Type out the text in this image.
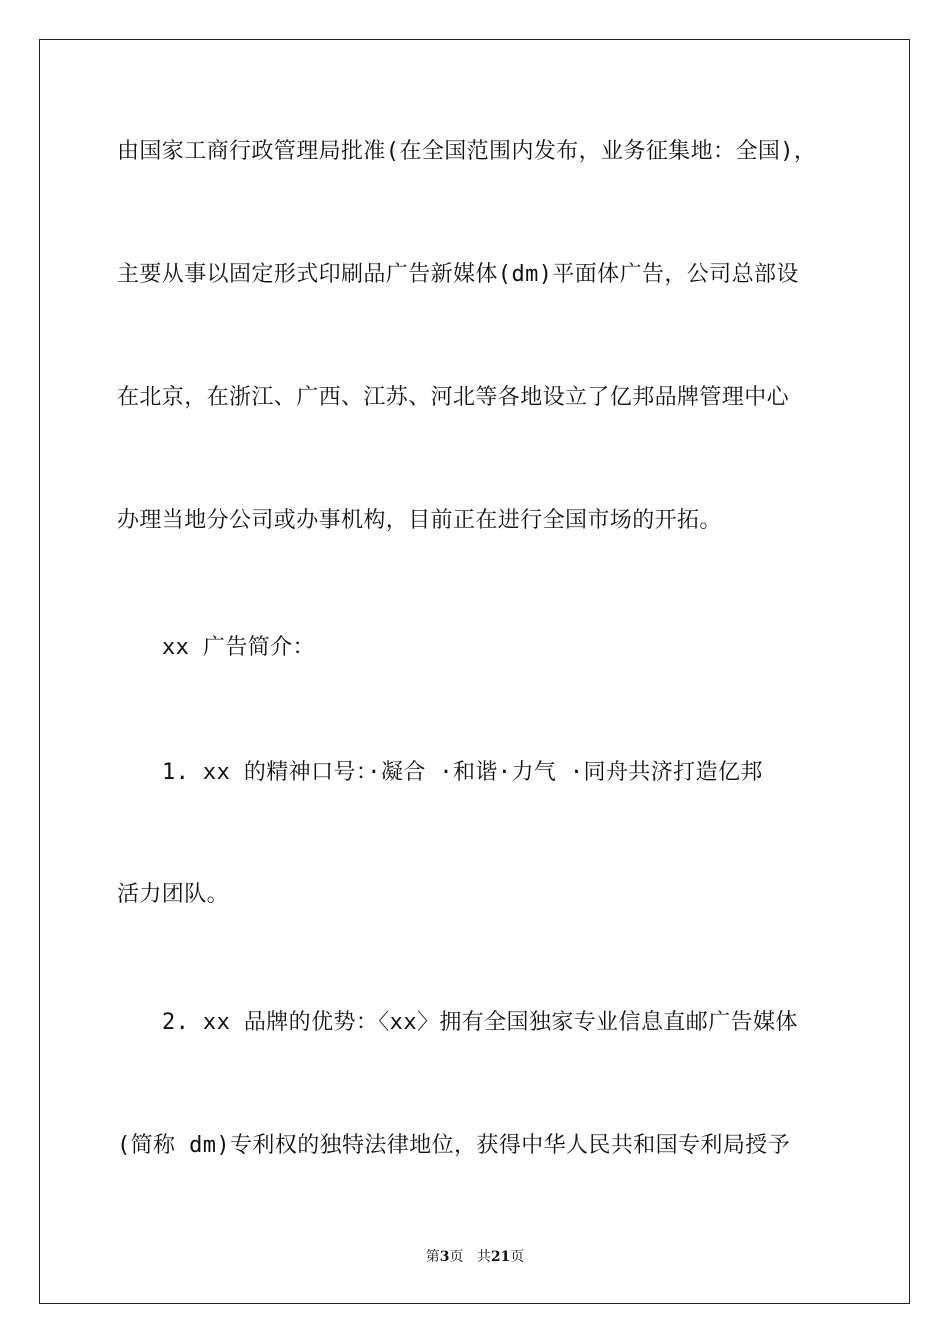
由国家工商行政管理局批准(在全国范围内发布，业务征集地：全国)，
主要从事以固定形式印刷品广告新媒体(dm)平面体广告，公司总部设
在北京，在浙江、广西、江苏、河北等各地设立了亿邦品牌管理中心
办理当地分公司或办事机构，目前正在进行全国市场的开拓。
xx 广告简介：
1. xx 的精神口号：·凝合 ·和谐·力气 ·同舟共济打造亿邦
活力团队。
2. xx 品牌的优势：〈xx〉拥有全国独家专业信息直邮广告媒体
(简称 dm)专利权的独特法律地位，获得中华人民共和国专利局授予
第3页 共21页
